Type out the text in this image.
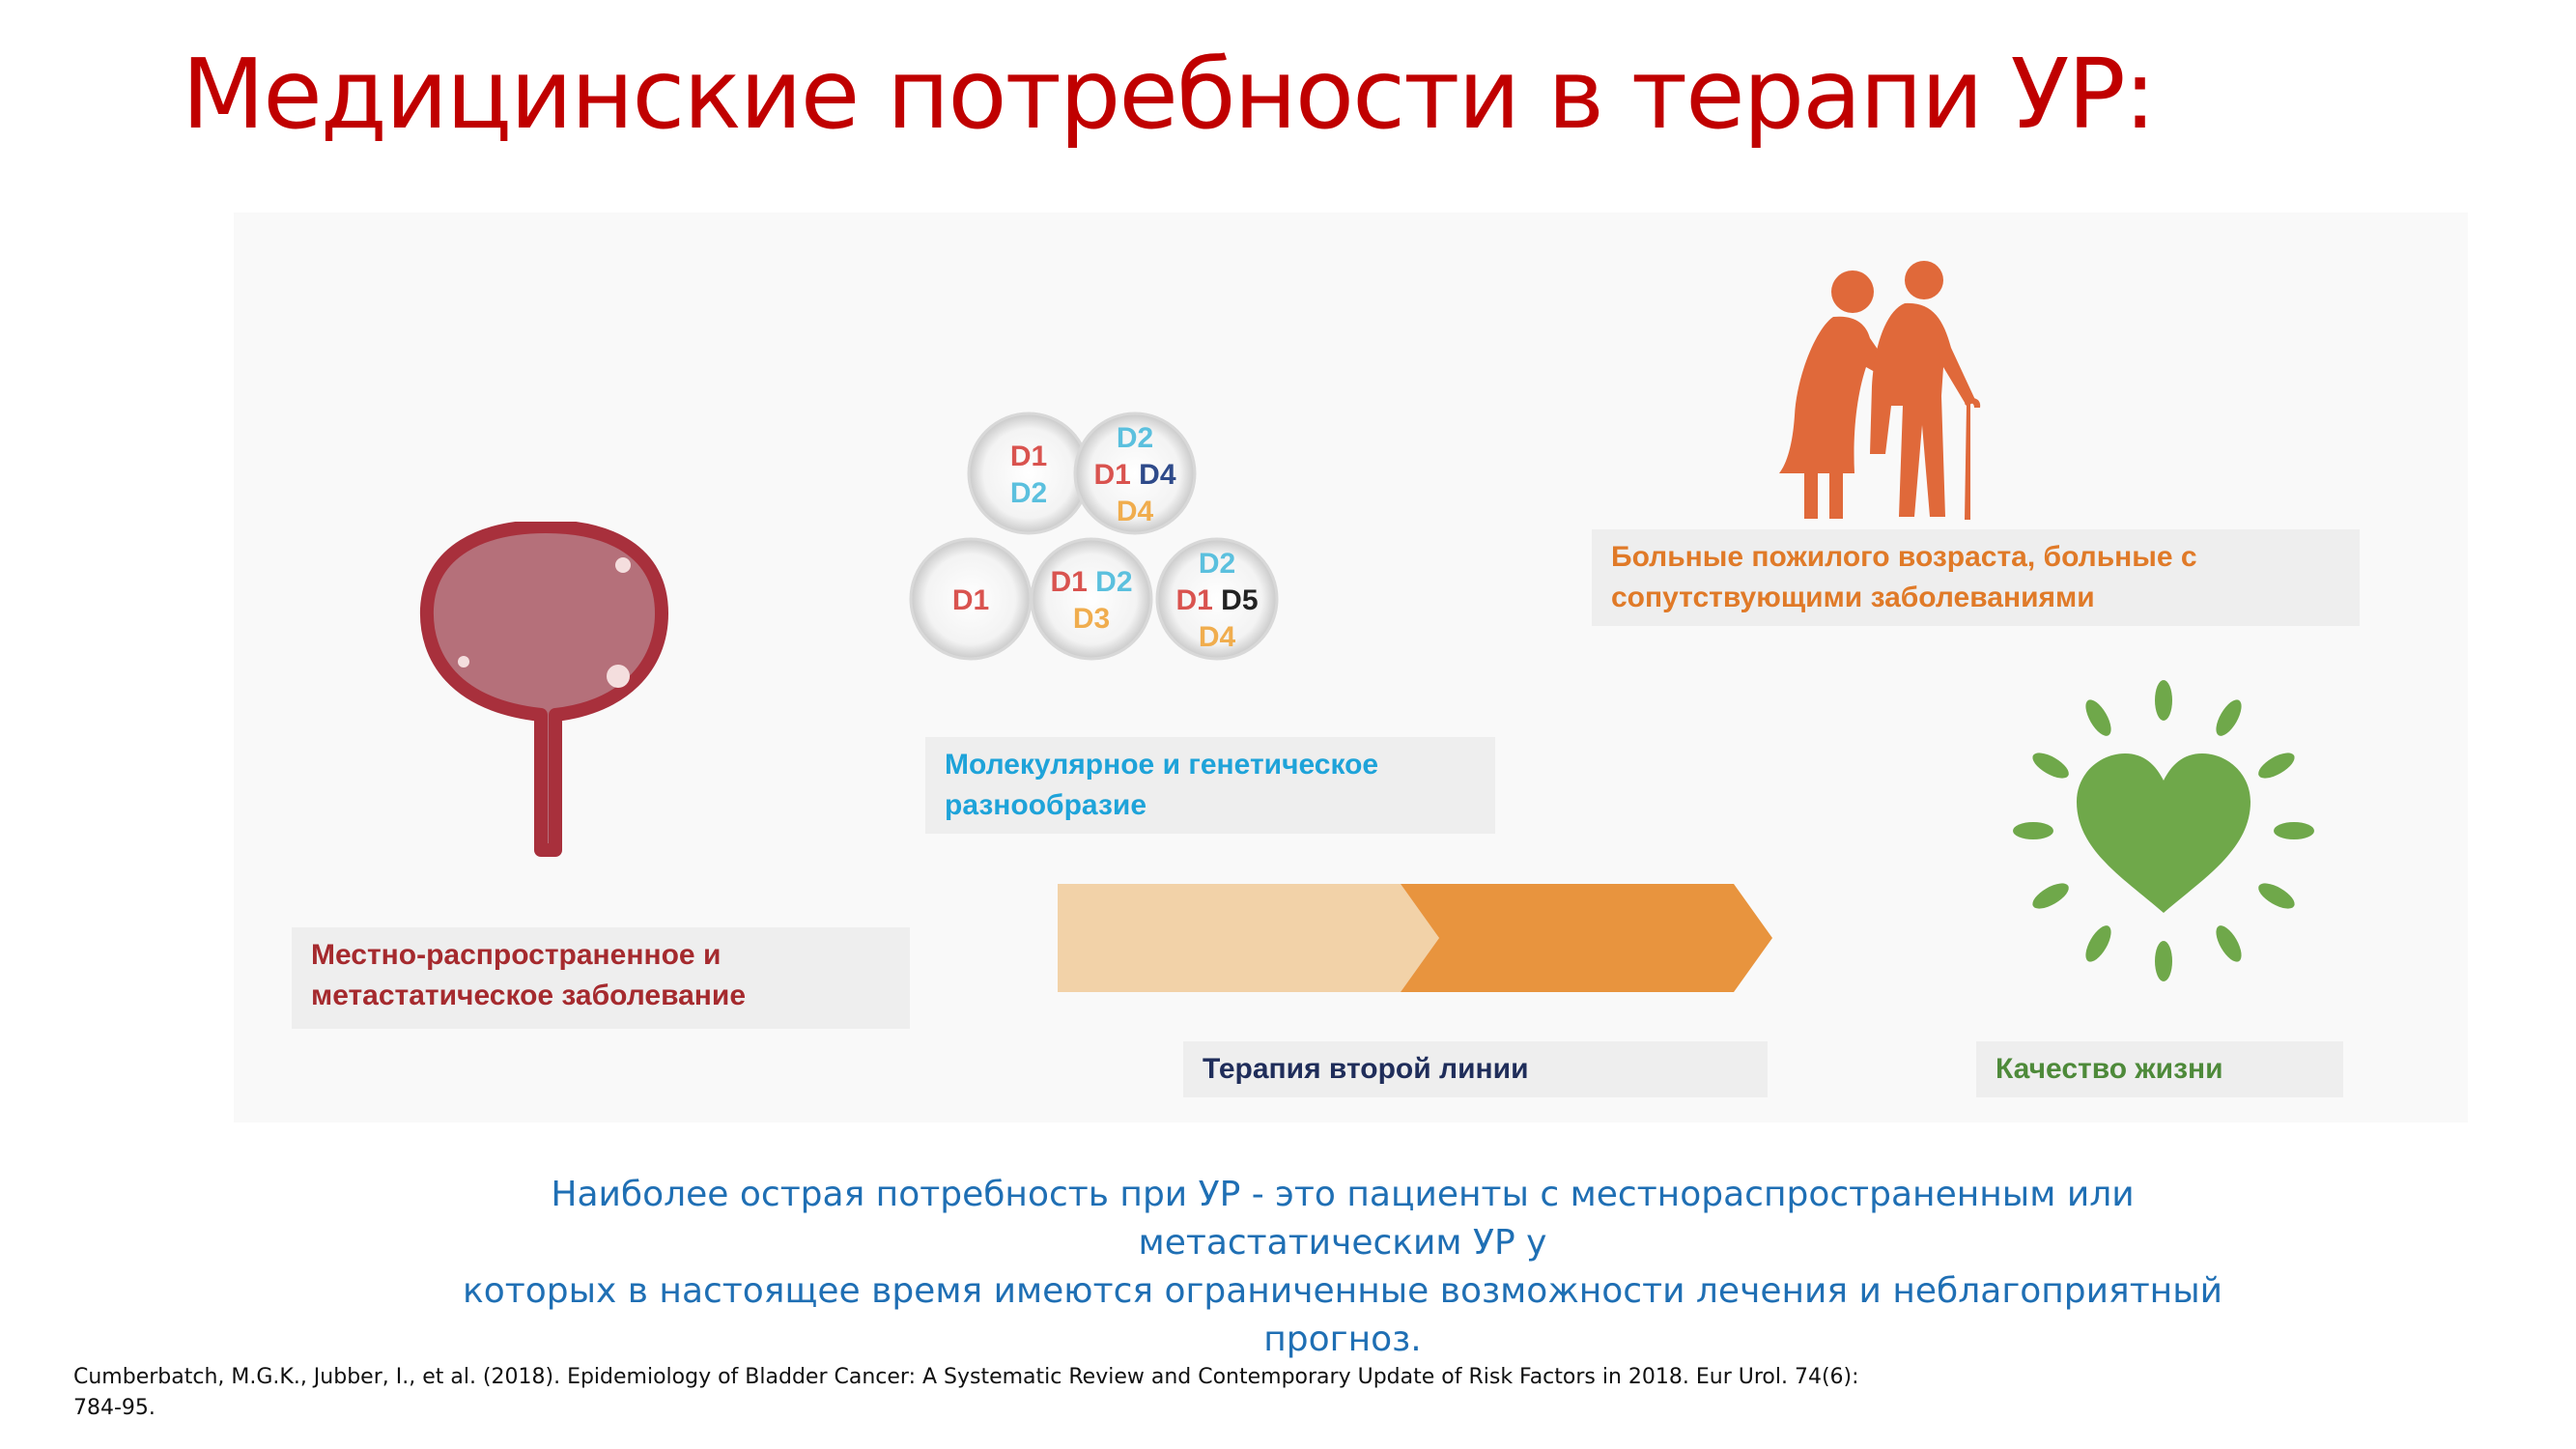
Медицинские потребности в терапи УР:
D1
D2
D2
D1 D4
D4
D1
D1 D2
D3
D2
D1 D5
D4
Местно-распространенное и
метастатическое заболевание
Молекулярное и генетическое
разнообразие
Больные пожилого возраста, больные с
сопутствующими заболеваниями
Терапия второй линии	Качество жизни
Наиболее острая потребность при УР - это пациенты с местнораспространенным или метастатическим УР у
которых в настоящее время имеются ограниченные возможности лечения и неблагоприятный прогноз.
Cumberbatch, M.G.K., Jubber, I., et al. (2018). Epidemiology of Bladder Cancer: A Systematic Review and Contemporary Update of Risk Factors in 2018. Eur Urol. 74(6):
784-95.
